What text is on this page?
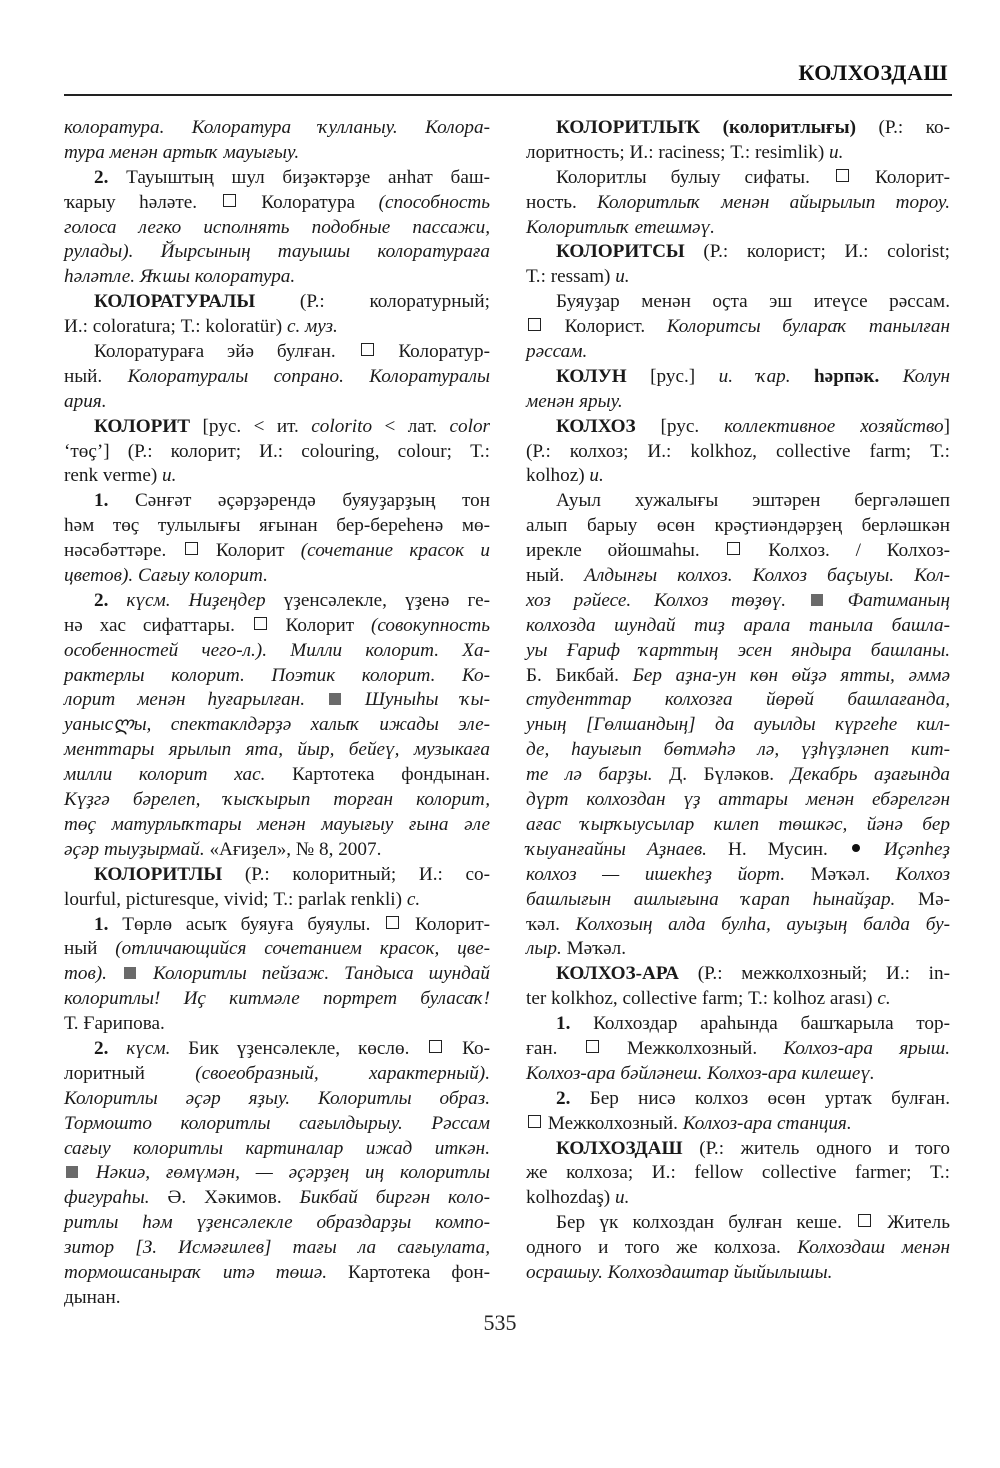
КОЛХОЗДАШ
колоратура. Колоратура ҡулланыу. Колора-
тура менән артыҡ мауығыу.
2. Тауыштың шул биҙәктәрҙе анһат баш-
ҡарыу һәләте.  Колоратура (способность
голоса легко исполнять подобные пассажи,
рулады). Йырсының тауышы колоратураға
һәләтле. Яҡшы колоратура.
КОЛОРАТУРАЛЫ (Р.: колоратурный;
И.: coloratura; Т.: koloratür) с. муз.
Колоратураға эйә булған.  Колоратур-
ный. Колоратуралы сопрано. Колоратуралы
ария.
КОЛОРИТ [рус. < ит. colorito < лат. color
‘төҫ’] (Р.: колорит; И.: colouring, colour; Т.:
renk verme) и.
1. Сәнғәт әҫәрҙәрендә буяуҙарҙың тон
һәм төҫ тулылығы яғынан бер-береһенә мө-
нәсәбәттәре.  Колорит (сочетание красок и
цветов). Сағыу колорит.
2. күсм. Ниҙеңдер үҙенсәлекле, үҙенә ге-
нә хас сифаттары.  Колорит (совокупность
особенностей чего-л.). Милли колорит. Ха-
рактерлы колорит. Поэтик колорит. Ко-
лорит менән һуғарылған.  Шуныһы ҡы-
уанысლы, спектаклдәрҙә халыҡ ижады эле-
менттары ярылып ята, йыр, бейеү, музыкаға
милли колорит хас. Картотека фондынан.
Күҙгә бәрелеп, ҡысҡырып торған колорит,
төҫ матурлыҡтары менән мауығыу ғына әле
әҫәр тыуҙырмай. «Ағиҙел», № 8, 2007.
КОЛОРИТЛЫ (Р.: колоритный; И.: со-
lourful, picturesque, vivid; Т.: parlak renkli) с.
1. Төрлө асыҡ буяуға буяулы.  Колорит-
ный (отличающийся сочетанием красок, цве-
тов).  Колоритлы пейзаж. Тандыса шундай
колоритлы! Иҫ китмәле портрет буласаҡ!
Т. Ғарипова.
2. күсм. Бик үҙенсәлекле, көслө.  Ко-
лоритный (своеобразный, характерный).
Колоритлы әҫәр яҙыу. Колоритлы образ.
Тормошто колоритлы сағылдырыу. Рәссам
сағыу колоритлы картиналар ижад иткән.
Нәкиә, ғөмүмән, — әҫәрҙең иң колоритлы
фигураһы. Ә. Хәкимов. Бикбай биргән коло-
ритлы һәм үҙенсәлекле образдарҙы компо-
зитор [З. Исмәғилев] тағы ла сағыулата,
тормошсаныраҡ итә төшә. Картотека фон-
дынан.
КОЛОРИТЛЫҠ (колоритлығы) (Р.: ко-
лоритность; И.: raciness; Т.: resimlik) и.
Колоритлы булыу сифаты.  Колорит-
ность. Колоритлыҡ менән айырылып тороу.
Колоритлыҡ етешмәү.
КОЛОРИТСЫ (Р.: колорист; И.: colorist;
Т.: ressam) и.
Буяуҙар менән оҫта эш итеүсе рәссам.
Колорист. Колоритсы булараҡ танылған
рәссам.
КОЛУН [рус.] и. ҡар. һәрпәк. Колун
менән ярыу.
КОЛХОЗ [рус. коллективное хозяйство]
(Р.: колхоз; И.: kolkhoz, collective farm; Т.:
kolhoz) и.
Ауыл хужалығы эштәрен бергәләшеп
алып барыу өсөн крәҫтиәндәрҙең берләшкән
ирекле ойошмаһы.  Колхоз. / Колхоз-
ный. Алдынғы колхоз. Колхоз баҫыуы. Кол-
хоз рәйесе. Колхоз төҙөү.  Фатиманың
колхозда шундай тиҙ арала таныла башла-
уы Ғариф ҡарттың эсен яндыра башланы.
Б. Бикбай. Бер аҙна-ун көн өйҙә ятты, әммә
студенттар колхозға йөрөй башлағанда,
уның [Гөлшандың] да ауылды күргеһе кил-
де, һауығып бөтмәһә лә, үҙһүҙләнеп кит-
те лә барҙы. Д. Бүләков. Декабрь аҙағында
дүрт колхоздан үҙ аттары менән ебәрелгән
ағас ҡырҡыусылар килеп төшкәс, йәнә бер
ҡыуанғайны Аҙнаев. Н. Мусин.  Иҫәпһеҙ
колхоз — ишекһеҙ йорт. Мәҡәл. Колхоз
башлығын ашлығына ҡарап һынайҙар. Мә-
ҡәл. Колхозың алда булһа, ауыҙың балда бу-
лыр. Мәҡәл.
КОЛХОЗ-АРА (Р.: межколхозный; И.: in-
ter kolkhoz, collective farm; Т.: kolhoz arası) с.
1. Колхоздар араһында башҡарыла тор-
ған.  Межколхозный. Колхоз-ара ярыш.
Колхоз-ара бәйләнеш. Колхоз-ара килешеү.
2. Бер нисә колхоз өсөн уртаҡ булған.
Межколхозный. Колхоз-ара станция.
КОЛХОЗДАШ (Р.: житель одного и того
же колхоза; И.: fellow collective farmer; Т.:
kolhozdaş) и.
Бер үк колхоздан булған кеше.  Житель
одного и того же колхоза. Колхоздаш менән
осрашыу. Колхоздаштар йыйылышы.
535
